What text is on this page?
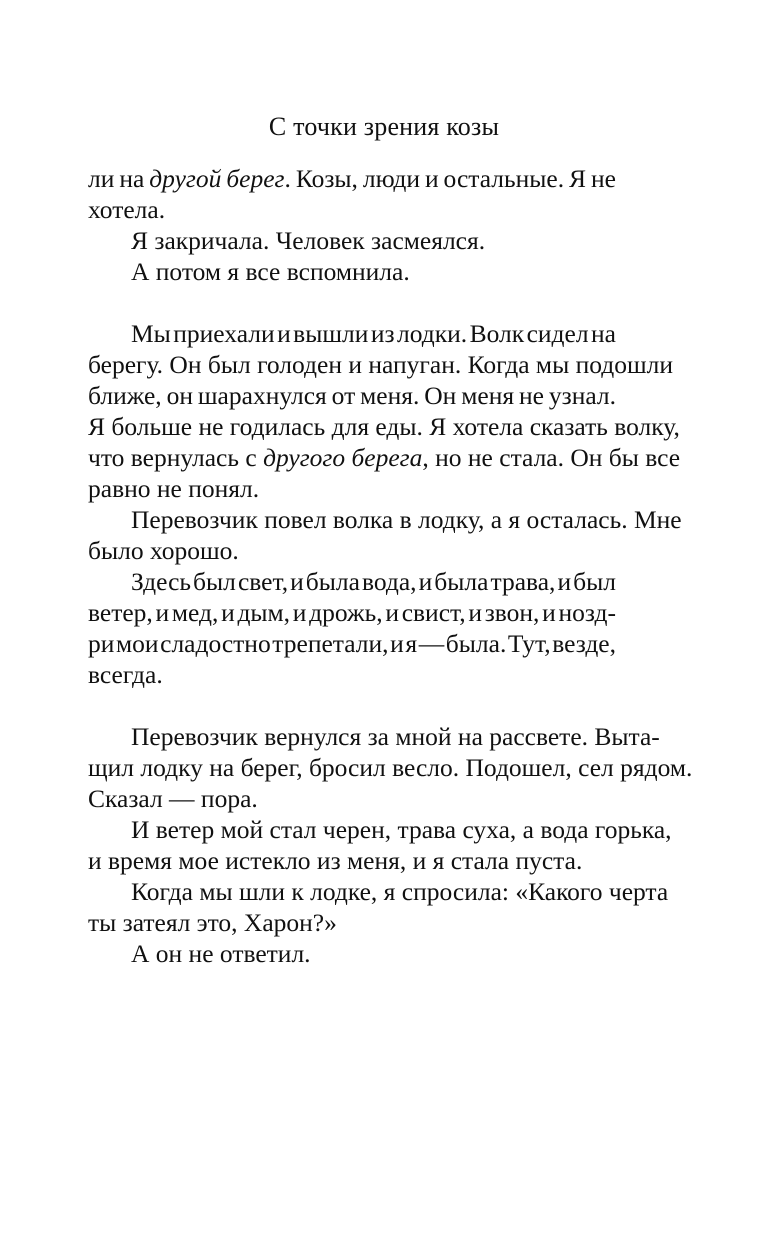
С точки зрения козы
ли на другой берег. Козы, люди и остальные. Я не
хотела.
Я закричала. Человек засмеялся.
А потом я все вспомнила.
Мы приехали и вышли из лодки. Волк сидел на
берегу. Он был голоден и напуган. Когда мы подошли
ближе, он шарахнулся от меня. Он меня не узнал.
Я больше не годилась для еды. Я хотела сказать волку,
что вернулась с другого берега, но не стала. Он бы все
равно не понял.
Перевозчик повел волка в лодку, а я осталась. Мне
было хорошо.
Здесь был свет, и была вода, и была трава, и был
ветер, и мед, и дым, и дрожь, и свист, и звон, и нозд-
ри мои сладостно трепетали, и я — была. Тут, везде,
всегда.
Перевозчик вернулся за мной на рассвете. Выта-
щил лодку на берег, бросил весло. Подошел, сел рядом.
Сказал — пора.
И ветер мой стал черен, трава суха, а вода горька,
и время мое истекло из меня, и я стала пуста.
Когда мы шли к лодке, я спросила: «Какого черта
ты затеял это, Харон?»
А он не ответил.
